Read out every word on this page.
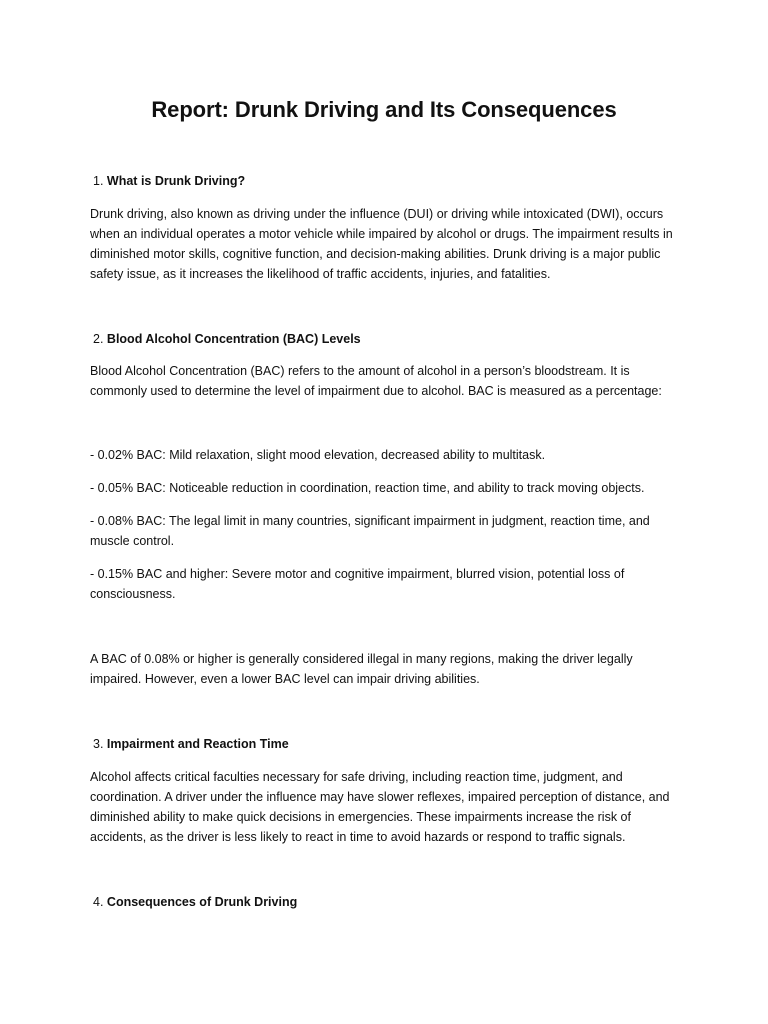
Report: Drunk Driving and Its Consequences

1. What is Drunk Driving?

Drunk driving, also known as driving under the influence (DUI) or driving while intoxicated (DWI), occurs when an individual operates a motor vehicle while impaired by alcohol or drugs. The impairment results in diminished motor skills, cognitive function, and decision-making abilities. Drunk driving is a major public safety issue, as it increases the likelihood of traffic accidents, injuries, and fatalities.

2. Blood Alcohol Concentration (BAC) Levels

Blood Alcohol Concentration (BAC) refers to the amount of alcohol in a person’s bloodstream. It is commonly used to determine the level of impairment due to alcohol. BAC is measured as a percentage:

- 0.02% BAC: Mild relaxation, slight mood elevation, decreased ability to multitask.

- 0.05% BAC: Noticeable reduction in coordination, reaction time, and ability to track moving objects.

- 0.08% BAC: The legal limit in many countries, significant impairment in judgment, reaction time, and muscle control.

- 0.15% BAC and higher: Severe motor and cognitive impairment, blurred vision, potential loss of consciousness.

A BAC of 0.08% or higher is generally considered illegal in many regions, making the driver legally impaired. However, even a lower BAC level can impair driving abilities.

3. Impairment and Reaction Time

Alcohol affects critical faculties necessary for safe driving, including reaction time, judgment, and coordination. A driver under the influence may have slower reflexes, impaired perception of distance, and diminished ability to make quick decisions in emergencies. These impairments increase the risk of accidents, as the driver is less likely to react in time to avoid hazards or respond to traffic signals.

4. Consequences of Drunk Driving
